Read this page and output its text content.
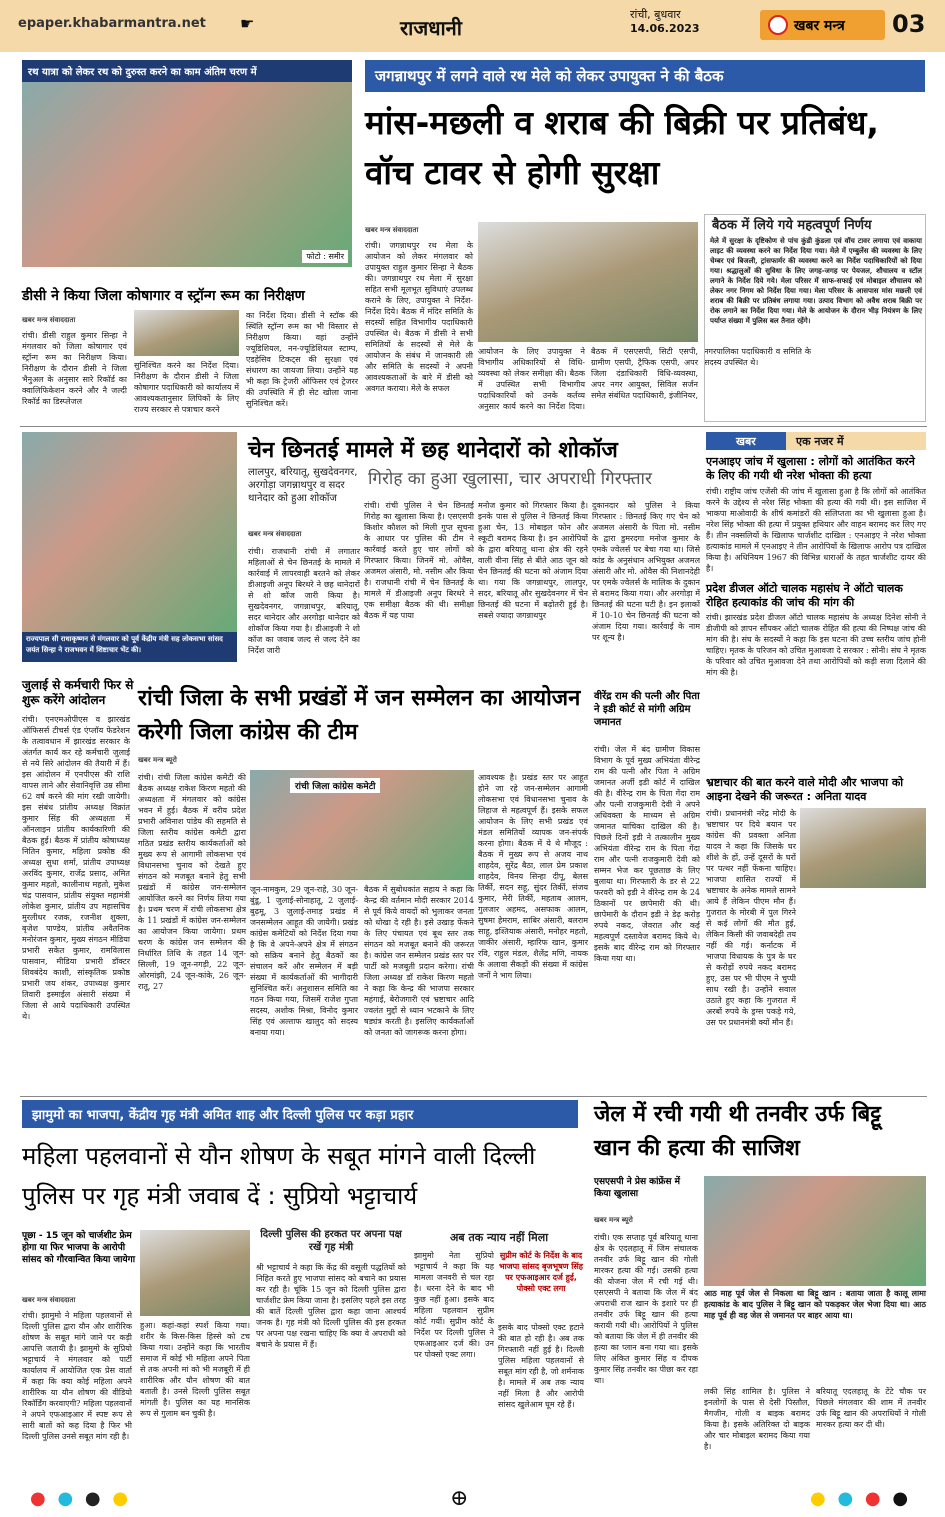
epaper.khabarmantra.net ☛	राजधानी
रांची, बुधवार
14.06.2023	खबर मन्त्र	03
रथ यात्रा को लेकर रथ को दुरुस्त करने का काम अंतिम चरण में
फोटो : समीर
जगन्नाथपुर में लगने वाले रथ मेले को लेकर उपायुक्त ने की बैठक
मांस-मछली व शराब की बिक्री पर प्रतिबंध, वॉच टावर से होगी सुरक्षा
खबर मन्त्र संवाददाता
रांची। जगन्नाथपुर रथ मेला के आयोजन को लेकर मंगलवार को उपायुक्त राहुल कुमार सिन्हा ने बैठक की। जगन्नाथपुर रथ मेला में सुरक्षा सहित सभी मूलभूत सुविधाएं उपलब्ध कराने के लिए, उपायुक्त ने निर्देश-निर्देश दिये। बैठक में मंदिर समिति के सदस्यों सहित विभागीय पदाधिकारी उपस्थित थे। बैठक में डीसी ने सभी समितियों के सदस्यों से मेले के आयोजन के संबंध में जानकारी ली और समिति के सदस्यों ने अपनी आवश्यकताओं के बारे में डीसी को अवगत कराया। मेले के सफल
आयोजन के लिए उपायुक्त ने विभागीय अधिकारियों से विधि-व्यवस्था को लेकर समीक्षा की। बैठक में उपस्थित सभी विभागीय पदाधिकारियों को उनके कर्तव्य अनुसार कार्य करने का निर्देश दिया। बैठक में एसएसपी, सिटी एसपी, ग्रामीण एसपी, ट्रैफिक एसपी, अपर जिला दंडाधिकारी विधि-व्यवस्था, अपर नगर आयुक्त, सिविल सर्जन समेत संबंधित पदाधिकारी, इंजीनियर, नगरपालिका पदाधिकारी व समिति के सदस्य उपस्थित थे।
बैठक में लिये गये महत्वपूर्ण निर्णय
मेले में सुरक्षा के दृष्टिकोण से पांच कुंडी कुंडला एवं वॉच टावर लगाया एवं वाकाया लाइट की व्यवस्था करने का निर्देश दिया गया। मेले में एम्बुलेंस की व्यवस्था के लिए चेम्बर एवं बिजली, ट्रांसफार्मर की व्यवस्था करने का निर्देश पदाधिकारियों को दिया गया। श्रद्धालुओं की सुविधा के लिए जगह-जगह पर पेयजल, शौचालय व स्टॉल लगाने के निर्देश दिये गये। मेला परिसर में साफ-सफाई एवं मोबाइल शौचालय को लेकर नगर निगम को निर्देश दिया गया। मेला परिसर के आसपास मांस मछली एवं शराब की बिक्री पर प्रतिबंध लगाया गया। उत्पाद विभाग को अवैध शराब बिक्री पर रोक लगाने का निर्देश दिया गया। मेले के आयोजन के दौरान भीड़ नियंत्रण के लिए पर्याप्त संख्या में पुलिस बल तैनात रहेंगे।
डीसी ने किया जिला कोषागार व स्ट्रॉन्ग रूम का निरीक्षण
खबर मन्त्र संवाददाता
रांची। डीसी राहुल कुमार सिन्हा ने मंगलवार को जिला कोषागार एवं स्ट्रॉन्ग रूम का निरीक्षण किया। निरीक्षण के दौरान डीसी ने जिला भैनुअल के अनुसार सारे रिकॉर्ड का क्वालिफिकेशन करने और नै जल्दी रिकॉर्ड का डिस्प्लेजल
सुनिश्चित करने का निर्देश दिया। निरीक्षण के दौरान डीसी ने जिला कोषागार पदाधिकारी को कार्यालय में आवश्यकतानुसार लिपिकों के लिए राज्य सरकार से पत्राचार करने
का निर्देश दिया। डीसी ने स्टॉक की स्थिति स्ट्रॉन्ग रूम का भी विस्तार से निरीक्षण किया। वहां उन्होंने ज्यूडिशियल, नन-ज्यूडिशियल स्टाम्प, एडहेसिव टिकट्स की सुरक्षा एवं संधारण का जायजा लिया। उन्होंने यह भी कहा कि ट्रेजरी ऑफिसर एवं ट्रेजरर की उपस्थिति में ही सेट खोला जाना सुनिश्चित करें।
राज्यपाल सी राधाकृष्णन से मंगलवार को पूर्व केंद्रीय मंत्री सह लोकसभा सांसद जयंत सिन्हा ने राजभवन में शिष्टाचार भेंट की।
चेन छिनतई मामले में छह थानेदारों को शोकॉज
लालपुर, बरियातू, सुखदेवनगर, अरगोड़ा जगन्नाथपुर व सदर थानेदार को हुआ शोकॉज
गिरोह का हुआ खुलासा, चार अपराधी गिरफ्तार
खबर मन्त्र संवाददाता
रांची। राजधानी रांची में लगातार महिलाओं से चेन छिनतई के मामले में कार्रवाई में लापरवाही बरतने को लेकर डीआइजी अनूप बिरथरे ने छह थानेदारों से शो कॉज जारी किया है। सुखदेवनगर, जगन्नाथपुर, बरियातू, सदर थानेदार और अरगोड़ा थानेदार को शोकॉज किया गया है। डीआइजी ने शो कॉज का जवाब जल्द से जल्द देने का निर्देश जारी
रांची। रांची पुलिस ने चेन छिनतई गिरोह का खुलासा किया है। एसएसपी किशोर कौशल को मिली गुप्त सूचना के आधार पर पुलिस की टीम ने कार्रवाई करते हुए चार लोगों को गिरफ्तार किया। जिनमें मो. ओवैस, अजमल अंसारी, मो. नसीम और किया है। राजधानी रांची में चेन छिनतई के मामले में डीआइजी अनूप बिरथरे ने एक समीक्षा बैठक की थी। समीक्षा बैठक में यह पाया
मनोज कुमार को गिरफ्तार किया है। इनके पास से पुलिस ने छिनतई किया हुआ चेन, 13 मोबाइल फोन और स्कूटी बरामद किया है। इन आरोपियों के द्वारा बरियातू थाना क्षेत्र की रहने वाली वीना सिंह से बीते आठ जून को चेन छिनतई की घटना को अंजाम दिया था। गया कि जगन्नाथपुर, लालपुर, सदर, बरियातू और सुखदेवनगर में चेन छिनतई की घटना में बढ़ोतरी हुई है। सबसे ज्यादा जगन्नाथपुर
दुकानदार को पुलिस ने किया गिरफ्तार : छिनतई किए गए चेन को अजमल अंसारी के पिता मो. नसीम के द्वारा डुमरदगा मनोज कुमार के एमके ज्वेलर्स पर बेचा गया था। जिसे कांड के अनुसंधान अभियुक्त अजमल अंसारी और मो. ओवैस की निशानदेही पर एमके ज्वेलर्स के मालिक के दुकान से बरामद किया गया। और अरगोड़ा में छिनतई की घटना घटी है। इन इलाकों में 10-10 चेन छिनतई की घटना को अंजाम दिया गया। कार्रवाई के नाम पर शून्य है।
खबर	एक नजर में
एनआइए जांच में खुलासा : लोगों को आतंकित करने के लिए की गयी थी नरेश भोक्ता की हत्या
रांची। राष्ट्रीय जांच एजेंसी की जांच में खुलासा हुआ है कि लोगों को आतंकित करने के उद्देश्य से नरेश सिंह भोक्ता की हत्या की गयी थी। इस साजिश में भाकपा माओवादी के शीर्ष कमांडरों की संलिप्तता का भी खुलासा हुआ है। नरेश सिंह भोक्ता की हत्या में प्रयुक्त हथियार और वाहन बरामद कर लिए गए हैं। तीन नक्सलियों के खिलाफ चार्जशीट दाखिल : एनआइए ने नरेश भोक्ता हत्याकांड मामले में एनआइए ने तीन आरोपियों के खिलाफ आरोप पत्र दाखिल किया है। अधिनियम 1967 की विभिन्न धाराओं के तहत चार्जशीट दायर की है।
प्रदेश डीजल ऑटो चालक महासंघ ने ऑटो चालक रोहित हत्याकांड की जांच की मांग की
रांची। झारखंड प्रदेश डीजल ऑटो चालक महासंघ के अध्यक्ष दिनेश सोनी ने डीजीपी को ज्ञापन सौंपकर ऑटो चालक रोहित की हत्या की निष्पक्ष जांच की मांग की है। संघ के सदस्यों ने कहा कि इस घटना की उच्च स्तरीय जांच होनी चाहिए। मृतक के परिजन को उचित मुआवजा दे सरकार : सोनी। संघ ने मृतक के परिवार को उचित मुआवजा देने तथा आरोपियों को कड़ी सजा दिलाने की मांग की है।
भ्रष्टाचार की बात करने वाले मोदी और भाजपा को आइना देखने की जरूरत : अनिता यादव
रांची। प्रधानमंत्री नरेंद्र मोदी के भ्रष्टाचार पर दिये बयान पर कांग्रेस की प्रवक्ता अनिता यादव ने कहा कि जिसके घर शीशे के हों, उन्हें दूसरों के घरों पर पत्थर नहीं फेंकना चाहिए। भाजपा शासित राज्यों में भ्रष्टाचार के अनेक मामले सामने आये हैं लेकिन पीएम मौन हैं। गुजरात के मोरबी में पुल गिरने से कई लोगों की मौत हुई, लेकिन किसी की जवाबदेही तय नहीं की गई। कर्नाटक में भाजपा विधायक के पुत्र के घर से करोड़ों रुपये नकद बरामद हुए, उस पर भी पीएम ने चुप्पी साध रखी है। उन्होंने सवाल उठाते हुए कहा कि गुजरात में अरबों रुपये के ड्रग्स पकड़े गये, उस पर प्रधानमंत्री क्यों मौन हैं।
जुलाई से कर्मचारी फिर से शुरू करेंगे आंदोलन
रांची। एनएमओपीएस व झारखंड ऑफिसर्स टीचर्स एंड एंप्लॉय फेडरेशन के तत्वावधान में झारखंड सरकार के अंतर्गत कार्य कर रहे कर्मचारी जुलाई से नये सिरे आंदोलन की तैयारी में हैं। इस आंदोलन में एनपीएस की राशि वापस लाने और सेवानिवृत्ति उम्र सीमा 62 वर्ष करने की मांग रखी जायेगी। इस संबंध प्रांतीय अध्यक्ष विक्रांत कुमार सिंह की अध्यक्षता में ऑनलाइन प्रांतीय कार्यकारिणी की बैठक हुई। बैठक में प्रांतीय कोषाध्यक्ष नितिन कुमार, महिला प्रकोष्ठ की अध्यक्ष सुधा शर्मा, प्रांतीय उपाध्यक्ष अरविंद कुमार, राजेंद्र प्रसाद, अमित कुमार महतो, कालीनाथ महतो, मुकेश चंद्र पासवान, प्रांतीय संयुक्त महामंत्री लोकेश कुमार, प्रांतीय उप महासचिव मुरलीधर रजक, रजनीश शुक्ला, बृजेश पाण्डेय, प्रांतीय अवैतनिक मनोरंजन कुमार, मुख्य संगठन मीडिया प्रभारी सकेत कुमार, रामविलास पासवान, मीडिया प्रभारी डॉक्टर शिवबंदेय काशी, सांस्कृतिक प्रकोष्ठ प्रभारी जय शंकर, उपाध्यक्ष कुमार तिवारी इस्माईल अंसारी संख्या में जिला से आये पदाधिकारी उपस्थित थे।
रांची जिला के सभी प्रखंडों में जन सम्मेलन का आयोजन करेगी जिला कांग्रेस की टीम
खबर मन्त्र ब्यूरो
रांची। रांची जिला कांग्रेस कमेटी की बैठक अध्यक्ष राकेश किरण महतो की अध्यक्षता में मंगलवार को कांग्रेस भवन में हुई। बैठक में वरीय प्रदेश प्रभारी अविनाश पांडेय की सहमति से जिला स्तरीय कांग्रेस कमेटी द्वारा गठित प्रखंड स्तरीय कार्यकर्ताओं को मुख्य रूप से आगामी लोकसभा एवं विधानसभा चुनाव को देखते हुए संगठन को मजबूत बनाने हेतु सभी प्रखंडों में कांग्रेस जन-सम्मेलन आयोजित करने का निर्णय लिया गया है। प्रथम चरण में रांची लोकसभा क्षेत्र के 11 प्रखंडों में कांग्रेस जन-सम्मेलन का आयोजन किया जायेगा। प्रथम चरण के कांग्रेस जन सम्मेलन की निर्धारित तिथि के तहत 14 जून-सिल्ली, 19 जून-नगड़ी, 22 जून-ओरमांझी, 24 जून-कांके, 26 जून-रातू, 27
रांची जिला कांग्रेस कमेटी
जून-नामकुम, 29 जून-राहे, 30 जून-बुंडू, 1 जुलाई-सोनाहातू, 2 जुलाई-बुढ़मू, 3 जुलाई-तमाड़ प्रखंड में जनसम्मेलन आहूत की जायेगी। प्रखंड कांग्रेस कमेटियों को निर्देश दिया गया है कि वे अपने-अपने क्षेत्र में संगठन को सक्रिय बनाने हेतु बैठकों का संचालन करें और सम्मेलन में बड़ी संख्या में कार्यकर्ताओं की भागीदारी सुनिश्चित करें। अनुशासन समिति का गठन किया गया, जिसमें राजेश गुप्ता सदस्य, अशोक मिश्रा, विनोद कुमार सिंह एवं अल्ताफ खालुद को सदस्य बनाया गया।
बैठक में सुबोधकांत सहाय ने कहा कि केन्द्र की वर्तमान मोदी सरकार 2014 से पूर्व किये वायदों को भुलाकर जनता को धोखा दे रही है। इसे उखाड़ फेंकने के लिए पंचायत एवं बूथ स्तर तक संगठन को मजबूत बनाने की जरूरत है। कांग्रेस जन सम्मेलन प्रखंड स्तर पर पार्टी को मजबूती प्रदान करेगा। रांची जिला अध्यक्ष डॉ राकेश किरण महतो ने कहा कि केन्द्र की भाजपा सरकार महंगाई, बेरोजगारी एवं भ्रष्टाचार आदि ज्वलंत मुद्दों से ध्यान भटकाने के लिए षड्यंत्र करती है। इसलिए कार्यकर्ताओं को जनता को जागरूक करना होगा।
आवश्यक है। प्रखंड स्तर पर आहूत होने जा रहे जन-सम्मेलन आगामी लोकसभा एवं विधानसभा चुनाव के लिहाज से महत्वपूर्ण हैं। इसके सफल आयोजन के लिए सभी प्रखंड एवं मंडल समितियों व्यापक जन-संपर्क करना होगा। बैठक में ये थे मौजूद : बैठक में मुख्य रूप से अजय नाथ शाहदेव, सुरेंद्र बैठा, लाल प्रेम प्रकाश शाहदेव, विनय सिन्हा दीपू, बेलस तिर्की, सदन सहू, सुंदर तिर्की, संजय कुमार, मेरी तिर्की, महताब आलम, गुलजार अहमद, असफाक आलम, सुषमा हेमराम, साबिर अंसारी, बलराम साहू, इश्तियाक अंसारी, मनोहर महतो, जाकीर अंसारी, म्हारिफ खान, कुमार रवि, राहुल मंडल, शैलेंद्र मणि, नायक के अलावा सैकड़ों की संख्या में कांग्रेस जनों ने भाग लिया।
वीरेंद्र राम की पत्नी और पिता ने इडी कोर्ट से मांगी अग्रिम जमानत
रांची। जेल में बंद ग्रामीण विकास विभाग के पूर्व मुख्य अभियंता वीरेन्द्र राम की पत्नी और पिता ने अग्रिम जमानत अर्जी इडी कोर्ट में दाखिल की है। वीरेन्द्र राम के पिता गेंदा राम और पत्नी राजकुमारी देवी ने अपने अधिवक्ता के माध्यम से अग्रिम जमानत याचिका दाखिल की है। पिछले दिनों इडी ने तत्कालीन मुख्य अभियंता वीरेन्द्र राम के पिता गेंदा राम और पत्नी राजकुमारी देवी को सम्मन भेज कर पूछताछ के लिए बुलाया था। गिरफ्तारी के डर से 22 फरवरी को इडी ने वीरेन्द्र राम के 24 ठिकानों पर छापेमारी की थी। छापेमारी के दौरान इडी ने डेढ़ करोड़ रुपये नकद, जेवरात और कई महत्वपूर्ण दस्तावेज बरामद किये थे। इसके बाद वीरेन्द्र राम को गिरफ्तार किया गया था।
झामुमो का भाजपा, केंद्रीय गृह मंत्री अमित शाह और दिल्ली पुलिस पर कड़ा प्रहार
महिला पहलवानों से यौन शोषण के सबूत मांगने वाली दिल्ली पुलिस पर गृह मंत्री जवाब दें : सुप्रियो भट्टाचार्य
पूछा - 15 जून को चार्जशीट फ्रेम होगा या फिर भाजपा के आरोपी सांसद को गौरवान्वित किया जायेगा
खबर मन्त्र संवाददाता
रांची। झामुमो ने महिला पहलवानों से दिल्ली पुलिस द्वारा यौन और शारीरिक शोषण के सबूत मांगे जाने पर कड़ी आपत्ति जतायी है। झामुमो के सुप्रियो भट्टाचार्य ने मंगलवार को पार्टी कार्यालय में आयोजित एक प्रेस वार्ता में कहा कि क्या कोई महिला अपने शारीरिक या यौन शोषण की वीडियो रिकॉर्डिंग करवाएगी? महिला पहलवानों ने अपने एफआइआर में स्पष्ट रूप से सारी बातों को कह दिया है फिर भी दिल्ली पुलिस उनसे सबूत मांग रही है।
हुआ। कहां-कहां स्पर्श किया गया। शरीर के किस-किस हिस्से को टच किया गया। उन्होंने कहा कि भारतीय समाज में कोई भी महिला अपने पिता से तक अपनी मां को भी मजबूरी में ही शारीरिक और यौन शोषण की बात बताती है। उनसे दिल्ली पुलिस सबूत मांगती है। पुलिस का यह मानसिक रूप से गुलाम बन चुकी है।
दिल्ली पुलिस की हरकत पर अपना पक्ष रखें गृह मंत्री
श्री भट्टाचार्य ने कहा कि केंद्र की वसूली पद्धतियों को निहित करते हुए भाजपा सांसद को बचाने का प्रयास कर रही है। चूंकि 15 जून को दिल्ली पुलिस द्वारा चार्जशीट फ्रेम किया जाना है। इसलिए पहले इस तरह की बातें दिल्ली पुलिस द्वारा कहा जाना आश्चर्य जनक है। गृह मंत्री को दिल्ली पुलिस की इस हरकत पर अपना पक्ष रखना चाहिए कि क्या वे अपराधी को बचाने के प्रयास में हैं।
अब तक न्याय नहीं मिला
झामुमो नेता सुप्रियो भट्टाचार्य ने कहा कि यह मामला जनवरी से चल रहा है। धरना देने के बाद भी कुछ नहीं हुआ। इसके बाद महिला पहलवान सुप्रीम कोर्ट गयीं। सुप्रीम कोर्ट के निर्देश पर दिल्ली पुलिस ने एफआइआर दर्ज की। उन पर पोक्सो एक्ट लगा।
सुप्रीम कोर्ट के निर्देश के बाद भाजपा सांसद बृजभूषण सिंह पर एफआइआर दर्ज हुई, पोक्सो एक्ट लगा
इसके बाद पोक्सो एक्ट हटाने की बात हो रही है। अब तक गिरफ्तारी नहीं हुई है। दिल्ली पुलिस महिला पहलवानों से सबूत मांग रही है, जो शर्मनाक है। मामले में अब तक न्याय नहीं मिला है और आरोपी सांसद खुलेआम घूम रहे हैं।
जेल में रची गयी थी तनवीर उर्फ बिट्टू खान की हत्या की साजिश
एसएसपी ने प्रेस कांफ्रेंस में किया खुलासा
खबर मन्त्र ब्यूरो
रांची। एक सप्ताह पूर्व बरियातू थाना क्षेत्र के एदलहातू में जिम संचालक तनवीर उर्फ बिट्टू खान की गोली मारकर हत्या की गई। उसकी हत्या की योजना जेल में रची गई थी। एसएसपी ने बताया कि जेल में बंद अपराधी राज खान के इशारे पर ही तनवीर उर्फ बिट्टू खान की हत्या करायी गयी थी। आरोपियों ने पुलिस को बताया कि जेल में ही तनवीर की हत्या का प्लान बना गया था। इसके लिए अंकित कुमार सिंह व दीपक कुमार सिंह तनवीर का पीछा कर रहा था।
आठ माह पूर्व जेल से निकला था बिट्टू खान : बताया जाता है कालू लामा हत्याकांड के बाद पुलिस ने बिट्टू खान को पकड़कर जेल भेजा दिया था। आठ माह पूर्व ही वह जेल से जमानत पर बाहर आया था।
लकी सिंह शामिल है। पुलिस ने इनलोगों के पास से देसी पिस्तौल, मैगजीन, गोली व बाइक बरामद किया है। इसके अतिरिक्त दो बाइक और चार मोबाइल बरामद किया गया है।
बरियातू एदलहातू के टेंटे चौक पर पिछले मंगलवार की शाम में तनवीर उर्फ बिट्टू खान की अपराधियों ने गोली मारकर हत्या कर दी थी।
● ● ● ●	⊕	● ● ● ●
